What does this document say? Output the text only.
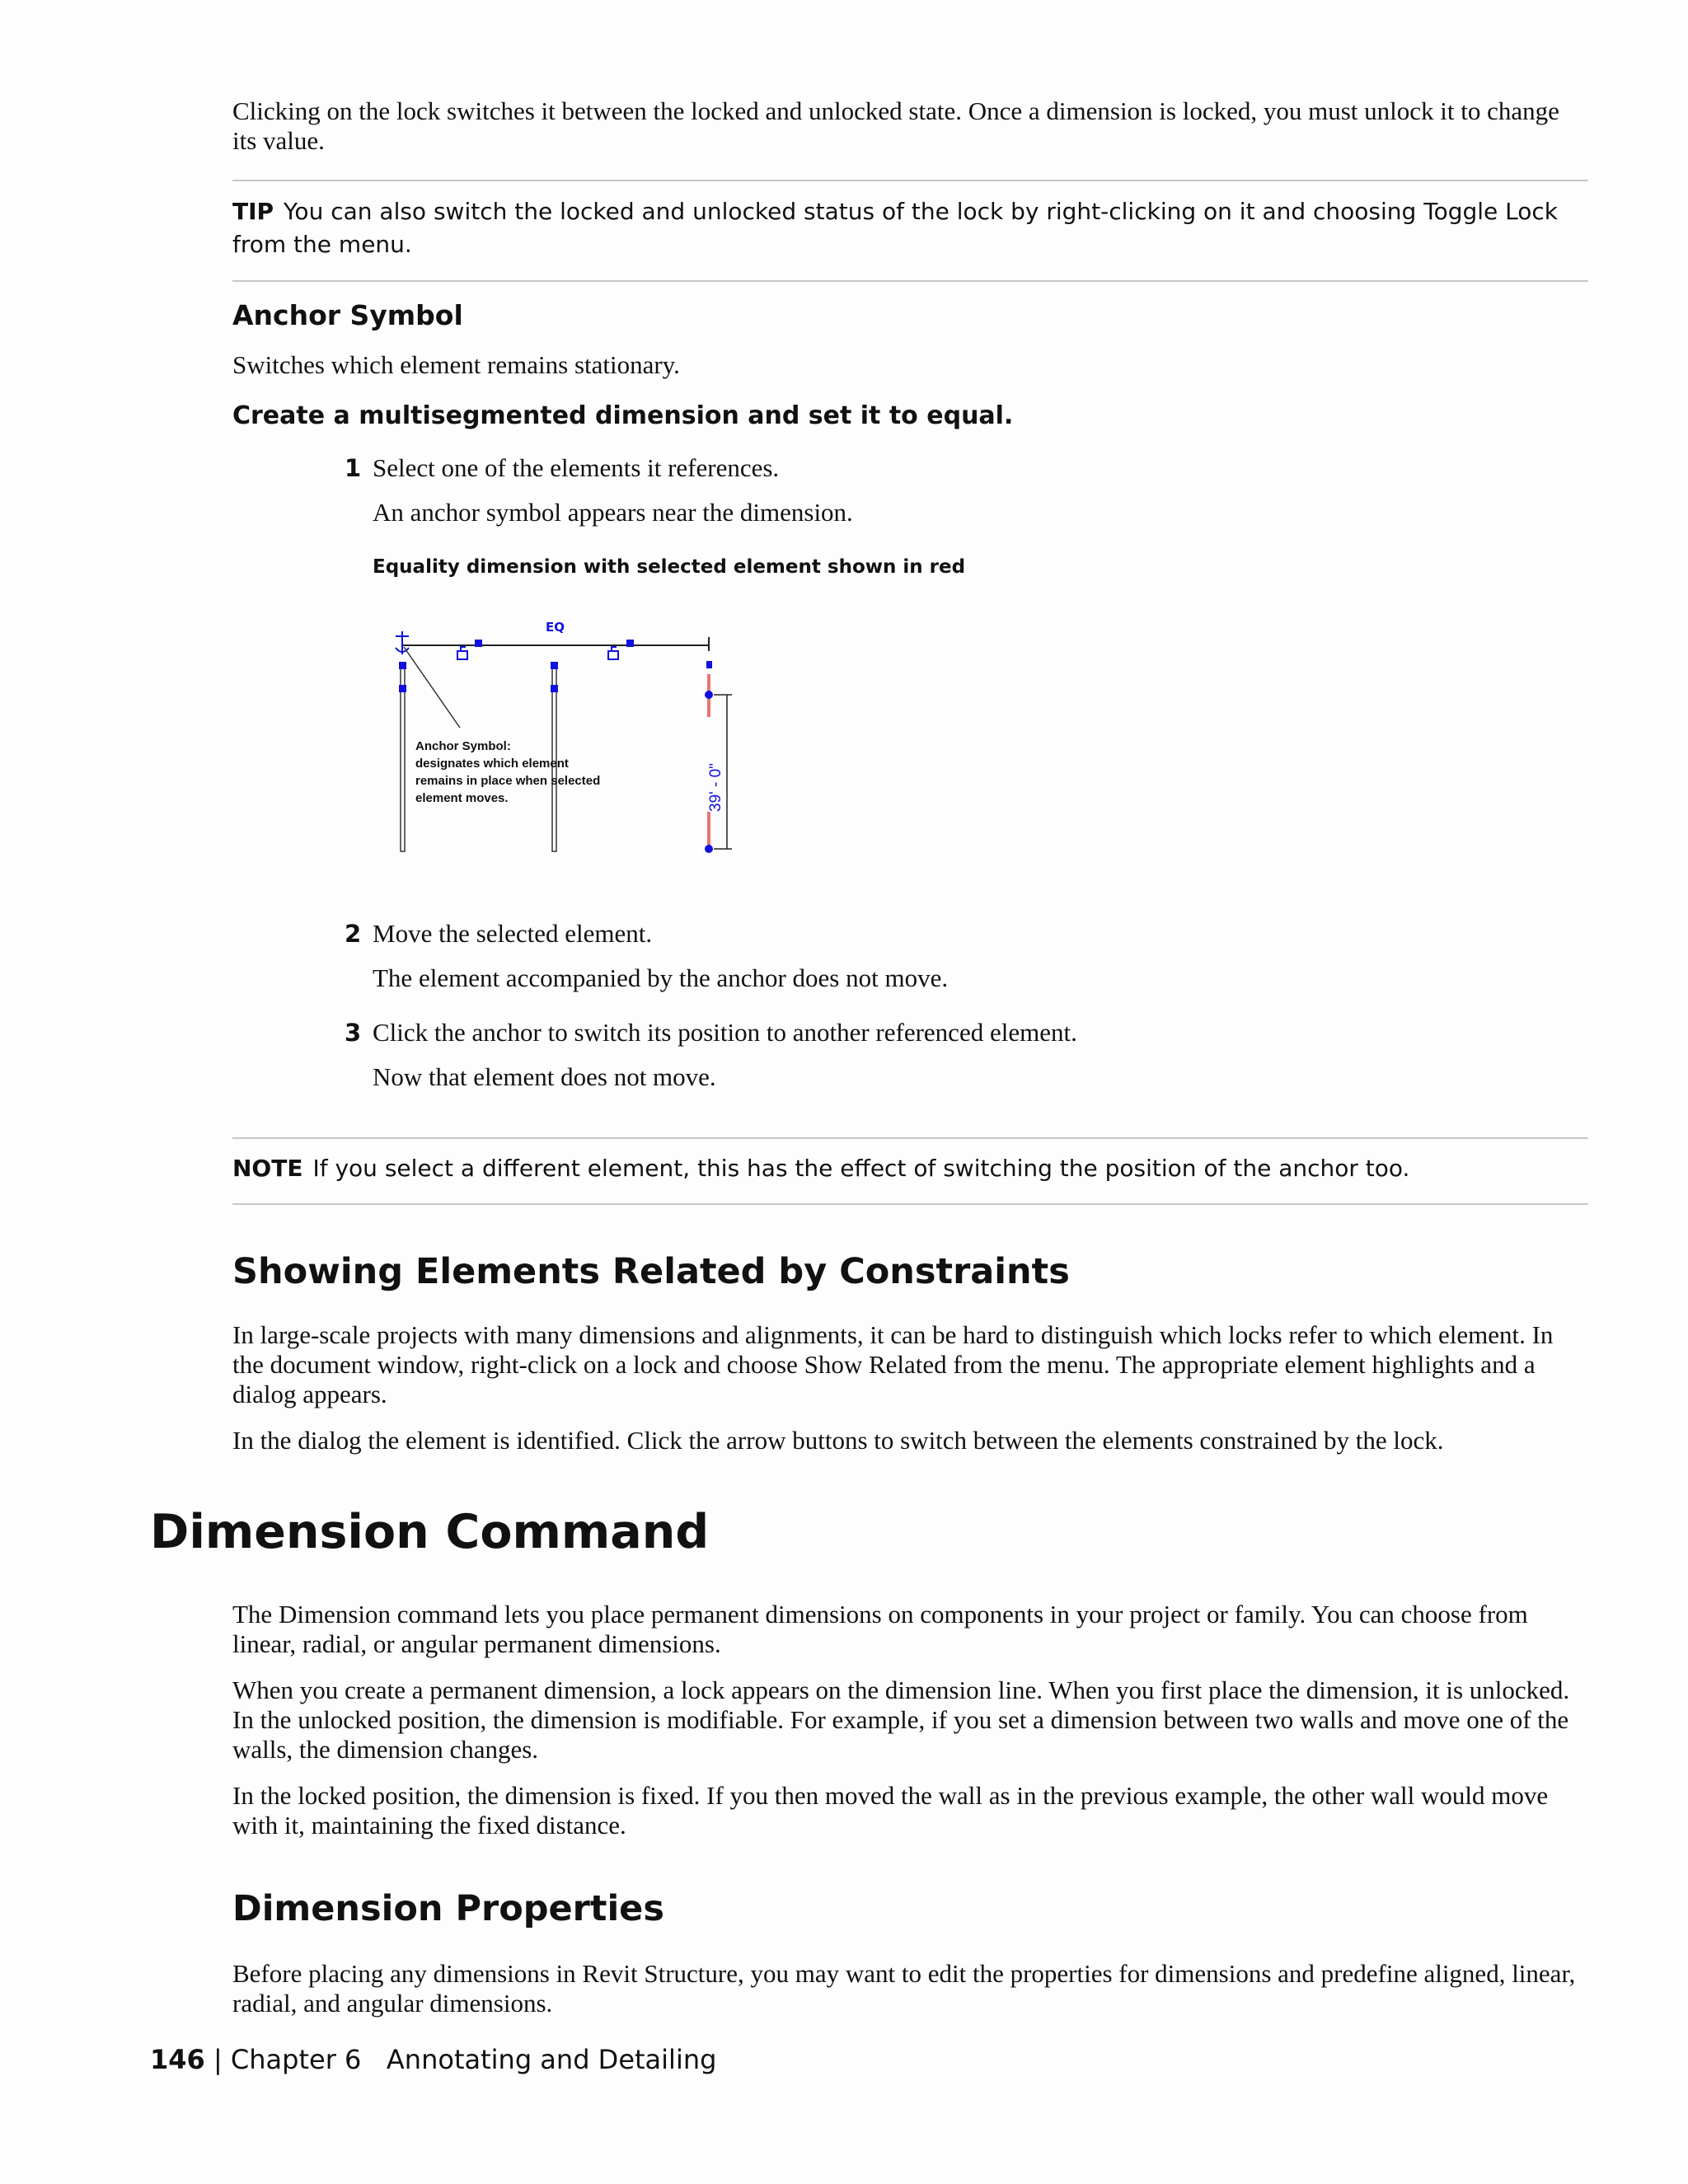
Clicking on the lock switches it between the locked and unlocked state. Once a dimension is locked, you must unlock it to change its value.

TIP You can also switch the locked and unlocked status of the lock by right-clicking on it and choosing Toggle Lock from the menu.

Anchor Symbol

Switches which element remains stationary.

Create a multisegmented dimension and set it to equal.
1 Select one of the elements it references.
An anchor symbol appears near the dimension.
Equality dimension with selected element shown in red
EQ
39' - 0"
Anchor Symbol:
designates which element
remains in place when selected
element moves.
2 Move the selected element.
The element accompanied by the anchor does not move.
3 Click the anchor to switch its position to another referenced element.
Now that element does not move.

NOTE If you select a different element, this has the effect of switching the position of the anchor too.

Showing Elements Related by Constraints

In large-scale projects with many dimensions and alignments, it can be hard to distinguish which locks refer to which element. In the document window, right-click on a lock and choose Show Related from the menu. The appropriate element highlights and a dialog appears.

In the dialog the element is identified. Click the arrow buttons to switch between the elements constrained by the lock.

Dimension Command

The Dimension command lets you place permanent dimensions on components in your project or family. You can choose from linear, radial, or angular permanent dimensions.

When you create a permanent dimension, a lock appears on the dimension line. When you first place the dimension, it is unlocked. In the unlocked position, the dimension is modifiable. For example, if you set a dimension between two walls and move one of the walls, the dimension changes.

In the locked position, the dimension is fixed. If you then moved the wall as in the previous example, the other wall would move with it, maintaining the fixed distance.

Dimension Properties

Before placing any dimensions in Revit Structure, you may want to edit the properties for dimensions and predefine aligned, linear, radial, and angular dimensions.

146 | Chapter 6 Annotating and Detailing
